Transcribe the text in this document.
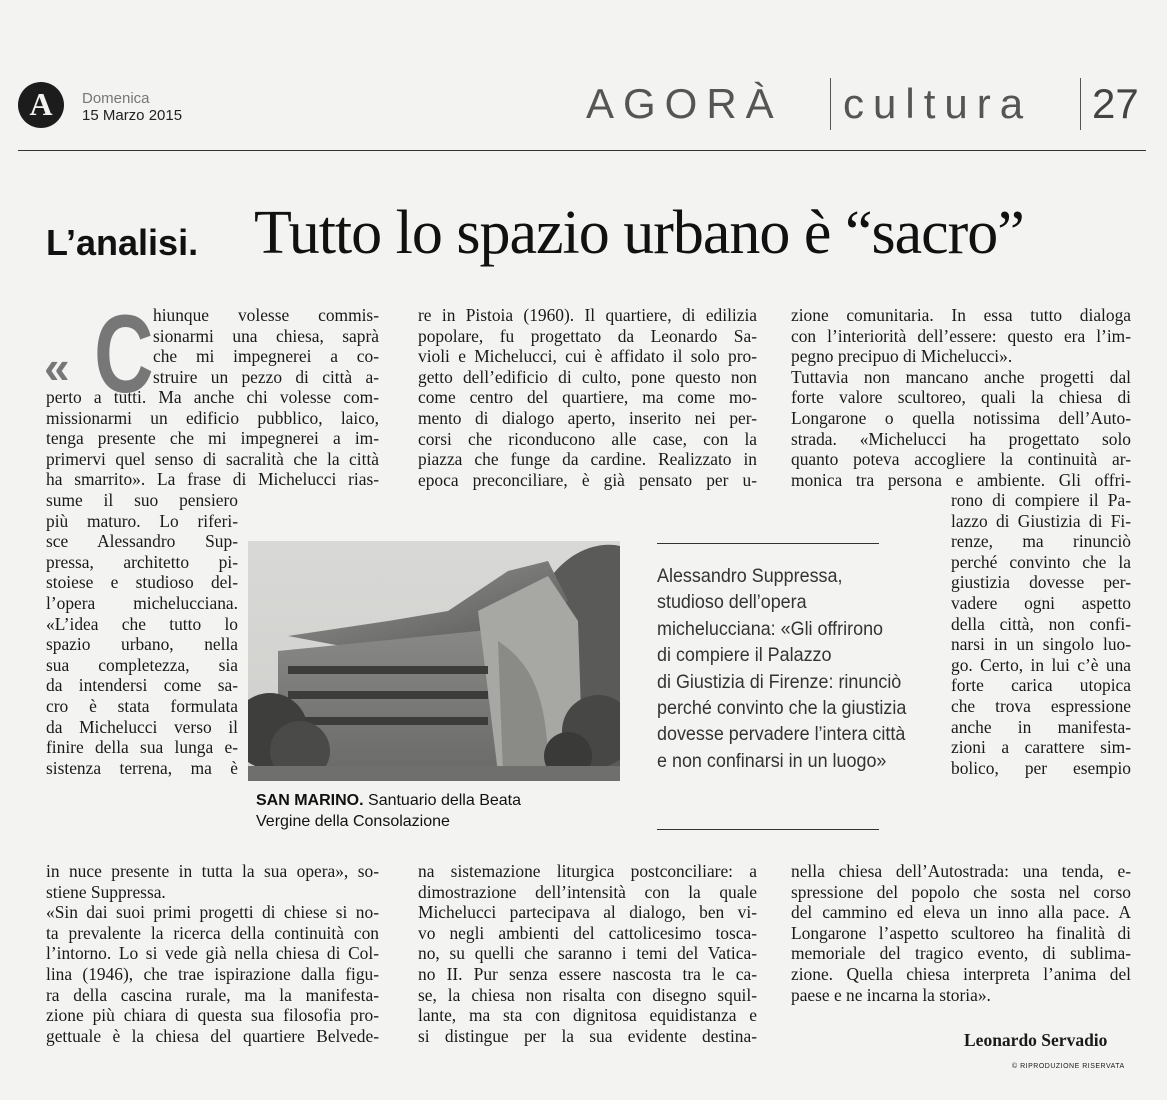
A	Domenica
15 Marzo 2015	AGORÀ cultura 27
L’analisi. Tutto lo spazio urbano è “sacro”
« C hiunque volesse commis-
sionarmi una chiesa, saprà
che mi impegnerei a co-
struire un pezzo di città a-
perto a tutti. Ma anche chi volesse com-
missionarmi un edificio pubblico, laico,
tenga presente che mi impegnerei a im-
primervi quel senso di sacralità che la città
ha smarrito». La frase di Michelucci rias-
sume il suo pensiero
più maturo. Lo riferi-
sce Alessandro Sup-
pressa, architetto pi-
stoiese e studioso del-
l’opera michelucciana.
«L’idea che tutto lo
spazio urbano, nella
sua completezza, sia
da intendersi come sa-
cro è stata formulata
da Michelucci verso il
finire della sua lunga e-
sistenza terrena, ma è
in nuce presente in tutta la sua opera», so-
stiene Suppressa.
«Sin dai suoi primi progetti di chiese si no-
ta prevalente la ricerca della continuità con
l’intorno. Lo si vede già nella chiesa di Col-
lina (1946), che trae ispirazione dalla figu-
ra della cascina rurale, ma la manifesta-
zione più chiara di questa sua filosofia pro-
gettuale è la chiesa del quartiere Belvede-
re in Pistoia (1960). Il quartiere, di edilizia
popolare, fu progettato da Leonardo Sa-
violi e Michelucci, cui è affidato il solo pro-
getto dell’edificio di culto, pone questo non
come centro del quartiere, ma come mo-
mento di dialogo aperto, inserito nei per-
corsi che riconducono alle case, con la
piazza che funge da cardine. Realizzato in
epoca preconciliare, è già pensato per u-
na sistemazione liturgica postconciliare: a
dimostrazione dell’intensità con la quale
Michelucci partecipava al dialogo, ben vi-
vo negli ambienti del cattolicesimo tosca-
no, su quelli che saranno i temi del Vatica-
no II. Pur senza essere nascosta tra le ca-
se, la chiesa non risalta con disegno squil-
lante, ma sta con dignitosa equidistanza e
si distingue per la sua evidente destina-
zione comunitaria. In essa tutto dialoga
con l’interiorità dell’essere: questo era l’im-
pegno precipuo di Michelucci».
Tuttavia non mancano anche progetti dal
forte valore scultoreo, quali la chiesa di
Longarone o quella notissima dell’Auto-
strada. «Michelucci ha progettato solo
quanto poteva accogliere la continuità ar-
monica tra persona e ambiente. Gli offri-
rono di compiere il Pa-
lazzo di Giustizia di Fi-
renze, ma rinunciò
perché convinto che la
giustizia dovesse per-
vadere ogni aspetto
della città, non confi-
narsi in un singolo luo-
go. Certo, in lui c’è una
forte carica utopica
che trova espressione
anche in manifesta-
zioni a carattere sim-
bolico, per esempio
nella chiesa dell’Autostrada: una tenda, e-
spressione del popolo che sosta nel corso
del cammino ed eleva un inno alla pace. A
Longarone l’aspetto scultoreo ha finalità di
memoriale del tragico evento, di sublima-
zione. Quella chiesa interpreta l’anima del
paese e ne incarna la storia».
Leonardo Servadio
© RIPRODUZIONE RISERVATA
SAN MARINO. Santuario della Beata
Vergine della Consolazione
Alessandro Suppressa,
studioso dell’opera
michelucciana: «Gli offrirono
di compiere il Palazzo
di Giustizia di Firenze: rinunciò
perché convinto che la giustizia
dovesse pervadere l’intera città
e non confinarsi in un luogo»
